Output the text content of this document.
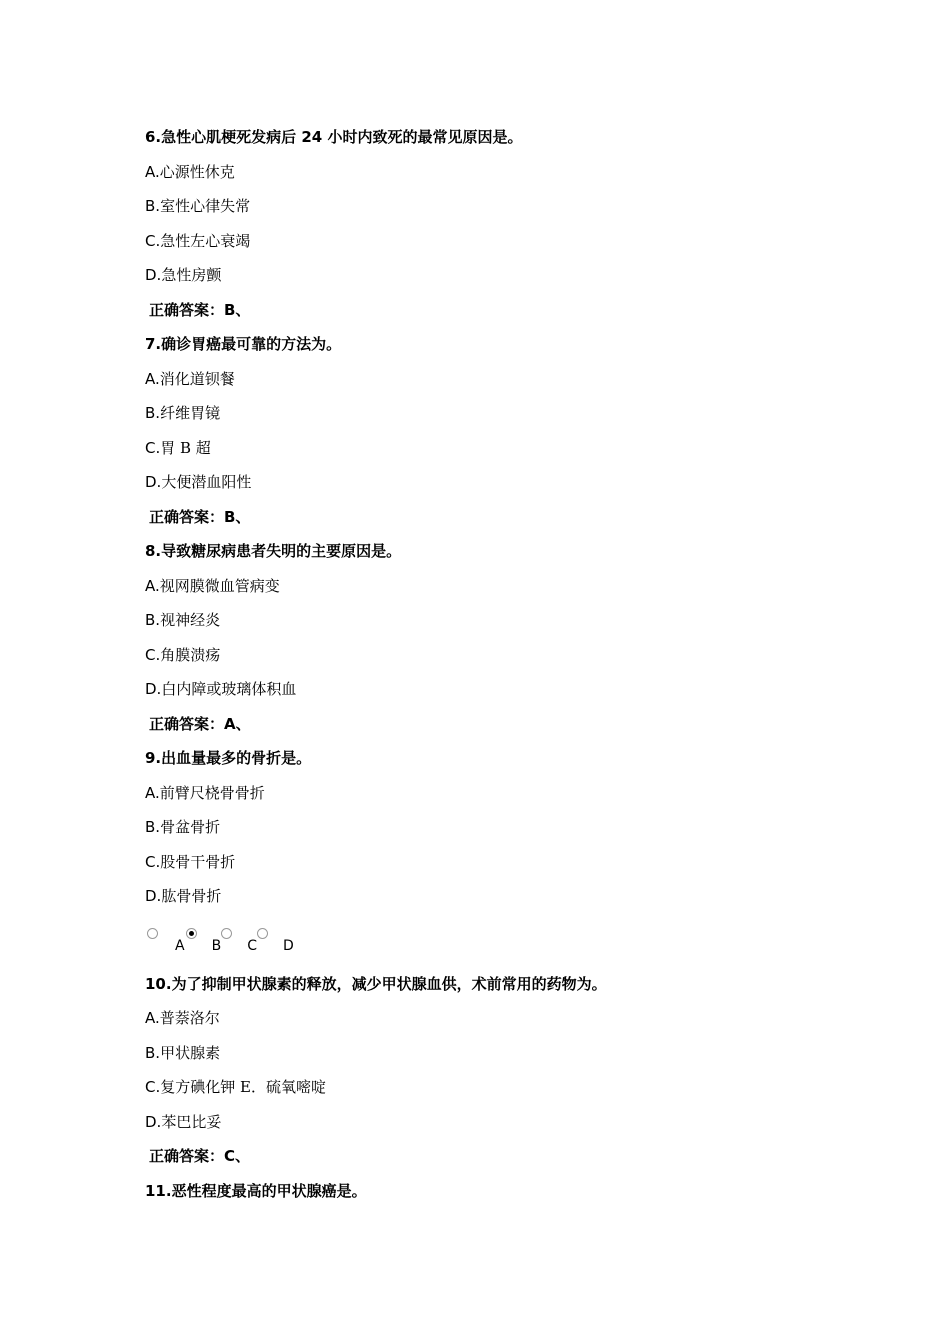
6.急性心肌梗死发病后 24 小时内致死的最常见原因是。
A.心源性休克
B.室性心律失常
C.急性左心衰竭
D.急性房颤
正确答案：B、
7.确诊胃癌最可靠的方法为。
A.消化道钡餐
B.纤维胃镜
C.胃 B 超
D.大便潜血阳性
正确答案：B、
8.导致糖尿病患者失明的主要原因是。
A.视网膜微血管病变
B.视神经炎
C.角膜溃疡
D.白内障或玻璃体积血
正确答案：A、
9.出血量最多的骨折是。
A.前臂尺桡骨骨折
B.骨盆骨折
C.股骨干骨折
D.肱骨骨折
A B C D
10.为了抑制甲状腺素的释放，减少甲状腺血供，术前常用的药物为。
A.普萘洛尔
B.甲状腺素
C.复方碘化钾 E．硫氧嘧啶
D.苯巴比妥
正确答案：C、
11.恶性程度最高的甲状腺癌是。
